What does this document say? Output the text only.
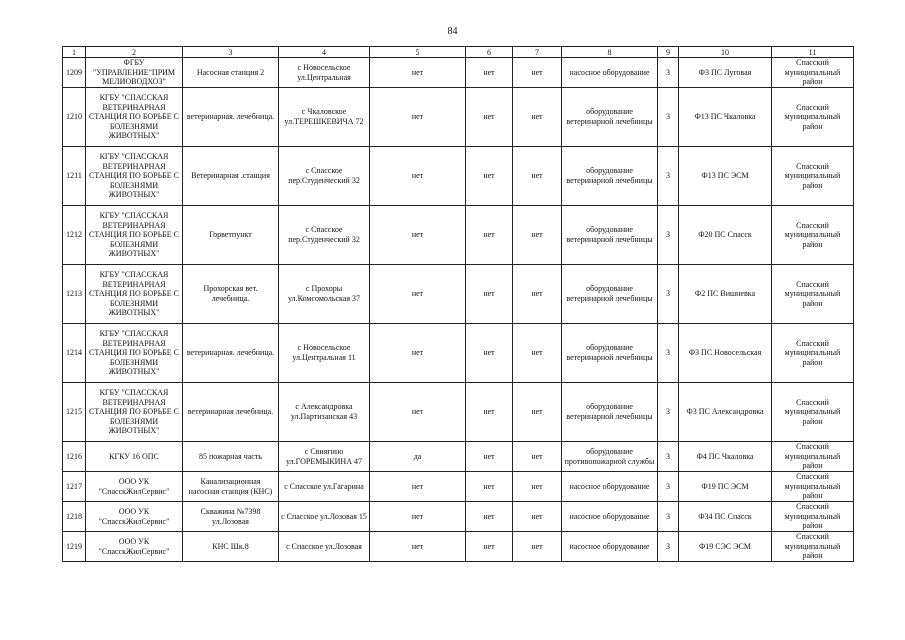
84
1	2	3	4	5	6	7	8	9	10	11
1209	ФГБУ "УПРАВЛЕНИЕ"ПРИМ МЕЛИОВОДХОЗ"	Насосная станция 2	с Новосельское ул.Центральная	нет	нет	нет	насосное оборудование	3	Ф3 ПС Луговая	Спасский муниципальный район
1210	КГБУ "СПАССКАЯ ВЕТЕРИНАРНАЯ СТАНЦИЯ ПО БОРЬБЕ С БОЛЕЗНЯМИ ЖИВОТНЫХ"	ветеринарная. лечебница.	с Чкаловское ул.ТЕРЕШКЕВИЧА 72	нет	нет	нет	оборудование ветеринарной лечебницы	3	Ф13 ПС Чкаловка	Спасский муниципальный район
1211	КГБУ "СПАССКАЯ ВЕТЕРИНАРНАЯ СТАНЦИЯ ПО БОРЬБЕ С БОЛЕЗНЯМИ ЖИВОТНЫХ"	Ветеринарная .станция	с Спасское пер.Студенческий 32	нет	нет	нет	оборудование ветеринарной лечебницы	3	Ф13 ПС ЭСМ	Спасский муниципальный район
1212	КГБУ "СПАССКАЯ ВЕТЕРИНАРНАЯ СТАНЦИЯ ПО БОРЬБЕ С БОЛЕЗНЯМИ ЖИВОТНЫХ"	Горветпункт	с Спасское пер.Студенческий 32	нет	нет	нет	оборудование ветеринарной лечебницы	3	Ф20 ПС Спасск	Спасский муниципальный район
1213	КГБУ "СПАССКАЯ ВЕТЕРИНАРНАЯ СТАНЦИЯ ПО БОРЬБЕ С БОЛЕЗНЯМИ ЖИВОТНЫХ"	Прохорская вет. лечебница.	с Прохоры ул.Комсомольская 37	нет	нет	нет	оборудование ветеринарной лечебницы	3	Ф2 ПС Вишневка	Спасский муниципальный район
1214	КГБУ "СПАССКАЯ ВЕТЕРИНАРНАЯ СТАНЦИЯ ПО БОРЬБЕ С БОЛЕЗНЯМИ ЖИВОТНЫХ"	ветеринарная. лечебница.	с Новосельское ул.Центральная 11	нет	нет	нет	оборудование ветеринарной лечебницы	3	Ф3 ПС Новосельская	Спасский муниципальный район
1215	КГБУ "СПАССКАЯ ВЕТЕРИНАРНАЯ СТАНЦИЯ ПО БОРЬБЕ С БОЛЕЗНЯМИ ЖИВОТНЫХ"	ветеринарная лечебница.	с Александровка ул.Партизанская 43	нет	нет	нет	оборудование ветеринарной лечебницы	3	Ф3 ПС Александровка	Спасский муниципальный район
1216	КГКУ 16 ОПС	85 пожарная часть	с Свиягино ул.ГОРЕМЫКИНА 47	да	нет	нет	оборудование противопожарной службы	3	Ф4 ПС Чкаловка	Спасский муниципальный район
1217	ООО УК "СпасскЖилСервис"	Канализационная насосная станция (КНС)	с Спасское ул.Гагарина	нет	нет	нет	насосное оборудование	3	Ф19 ПС ЭСМ	Спасский муниципальный район
1218	ООО УК "СпасскЖилСервис"	Скважина №7398 ул.Лозовая	с Спасское ул.Лозовая 15	нет	нет	нет	насосное оборудование	3	Ф34 ПС Спасск	Спасский муниципальный район
1219	ООО УК "СпасскЖилСервис"	КНС Шк.8	с Спасское ул.Лозовая	нет	нет	нет	насосное оборудование	3	Ф19 СЭС ЭСМ	Спасский муниципальный район
